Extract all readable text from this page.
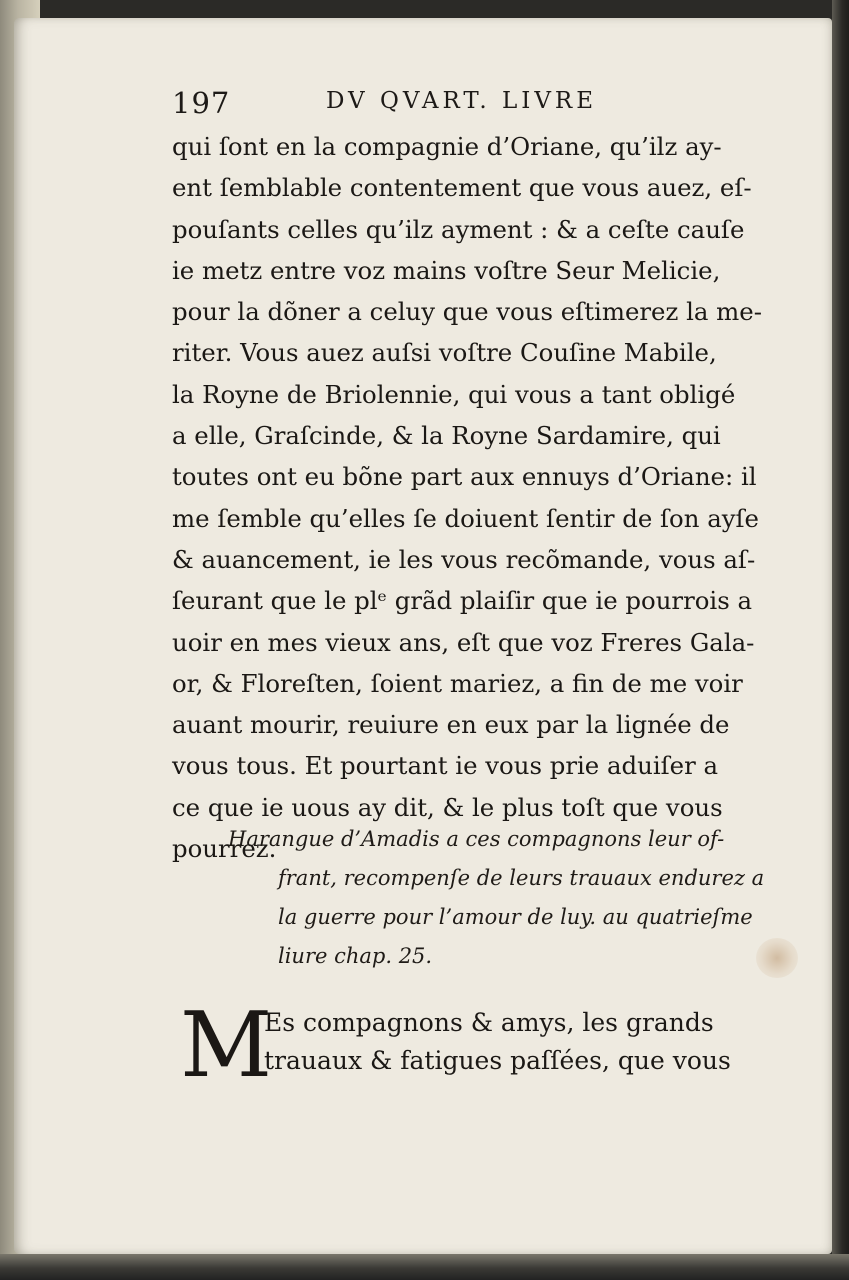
197	DV QVART. LIVRE
qui ſont en la compagnie d’Oriane, qu’ilz ay-
ent ſemblable contentement que vous auez, eſ-
pouſants celles qu’ilz ayment : & a ceſte cauſe
ie metz entre voz mains voſtre Seur Melicie,
pour la dõner a celuy que vous eſtimerez la me-
riter. Vous auez auſsi voſtre Couſine Mabile,
la Royne de Briolennie, qui vous a tant obligé
a elle, Graſcinde, & la Royne Sardamire, qui
toutes ont eu bõne part aux ennuys d’Oriane: il
me ſemble qu’elles ſe doiuent ſentir de ſon ayſe
& auancement, ie les vous recõmande, vous aſ-
ſeurant que le plᵉ grãd plaiſir que ie pourrois a
uoir en mes vieux ans, eſt que voz Freres Gala-
or, & Floreſten, ſoient mariez, a fin de me voir
auant mourir, reuiure en eux par la lignée de
vous tous. Et pourtant ie vous prie aduiſer a
ce que ie uous ay dit, & le plus toſt que vous
pourrez.
Harangue d’Amadis a ces compagnons leur of-
frant, recompenſe de leurs trauaux endurez a
la guerre pour l’amour de luy. au quatrieſme
liure chap. 25.
M
Es compagnons & amys, les grands
trauaux & fatigues paſſées, que vous
